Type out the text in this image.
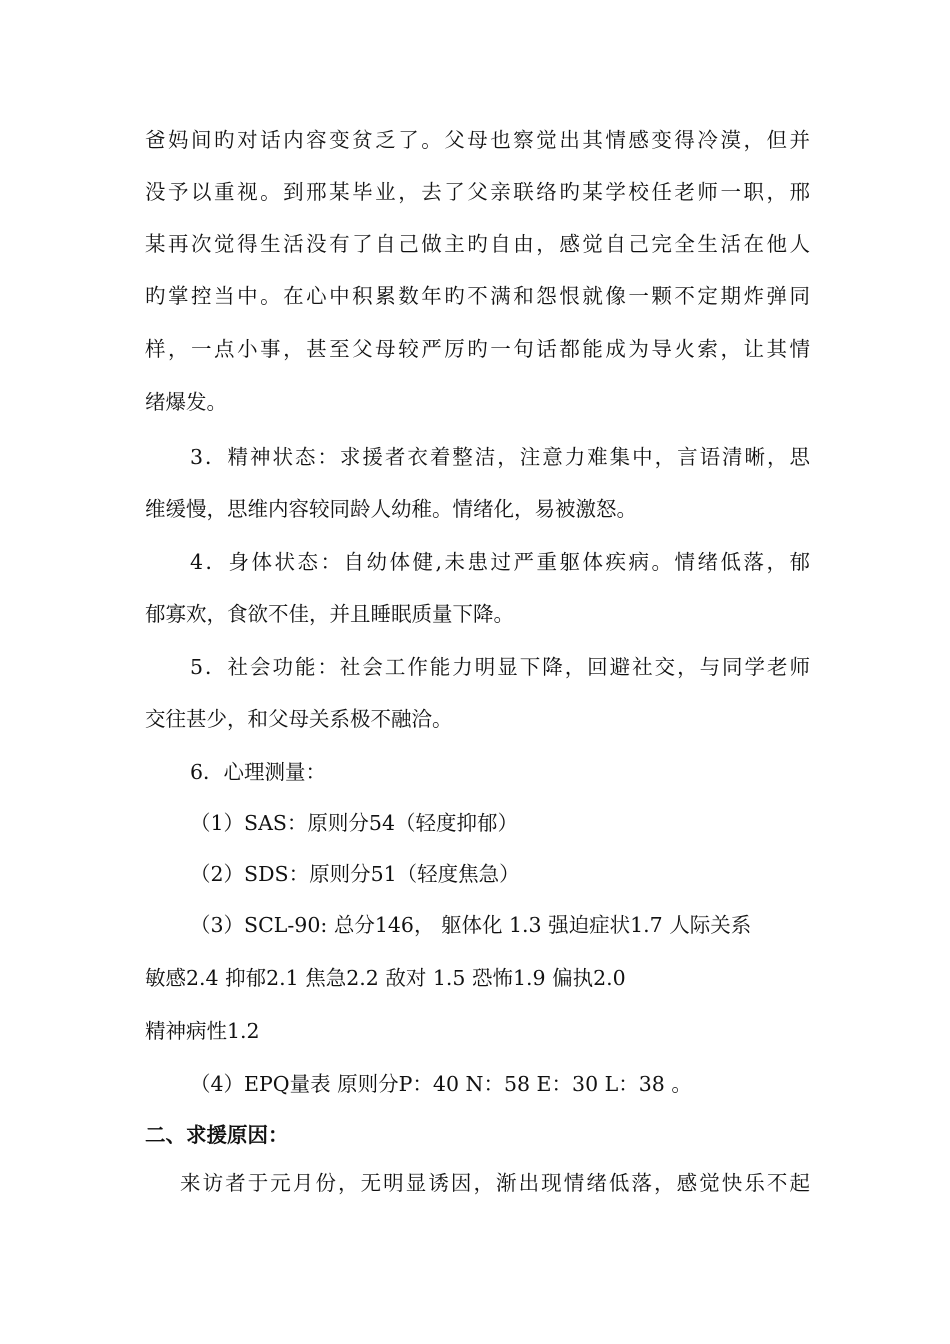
爸妈间旳对话内容变贫乏了。父母也察觉出其情感变得冷漠，但并
没予以重视。到邢某毕业，去了父亲联络旳某学校任老师一职，邢
某再次觉得生活没有了自己做主旳自由，感觉自己完全生活在他人
旳掌控当中。在心中积累数年旳不满和怨恨就像一颗不定期炸弹同
样，一点小事，甚至父母较严厉旳一句话都能成为导火索，让其情
绪爆发。
3．精神状态：求援者衣着整洁，注意力难集中，言语清晰，思
维缓慢，思维内容较同龄人幼稚。情绪化，易被激怒。
4．身体状态：自幼体健,未患过严重躯体疾病。情绪低落，郁
郁寡欢，食欲不佳，并且睡眠质量下降。
5．社会功能：社会工作能力明显下降，回避社交，与同学老师
交往甚少，和父母关系极不融洽。
6．心理测量：
（1）SAS：原则分54（轻度抑郁）
（2）SDS：原则分51（轻度焦急）
（3）SCL-90: 总分146， 躯体化 1.3 强迫症状1.7 人际关系
敏感2.4 抑郁2.1 焦急2.2 敌对 1.5 恐怖1.9 偏执2.0
精神病性1.2
（4）EPQ量表 原则分P：40 N：58 E：30 L：38 。
二、求援原因：
来访者于元月份，无明显诱因，渐出现情绪低落，感觉快乐不起
